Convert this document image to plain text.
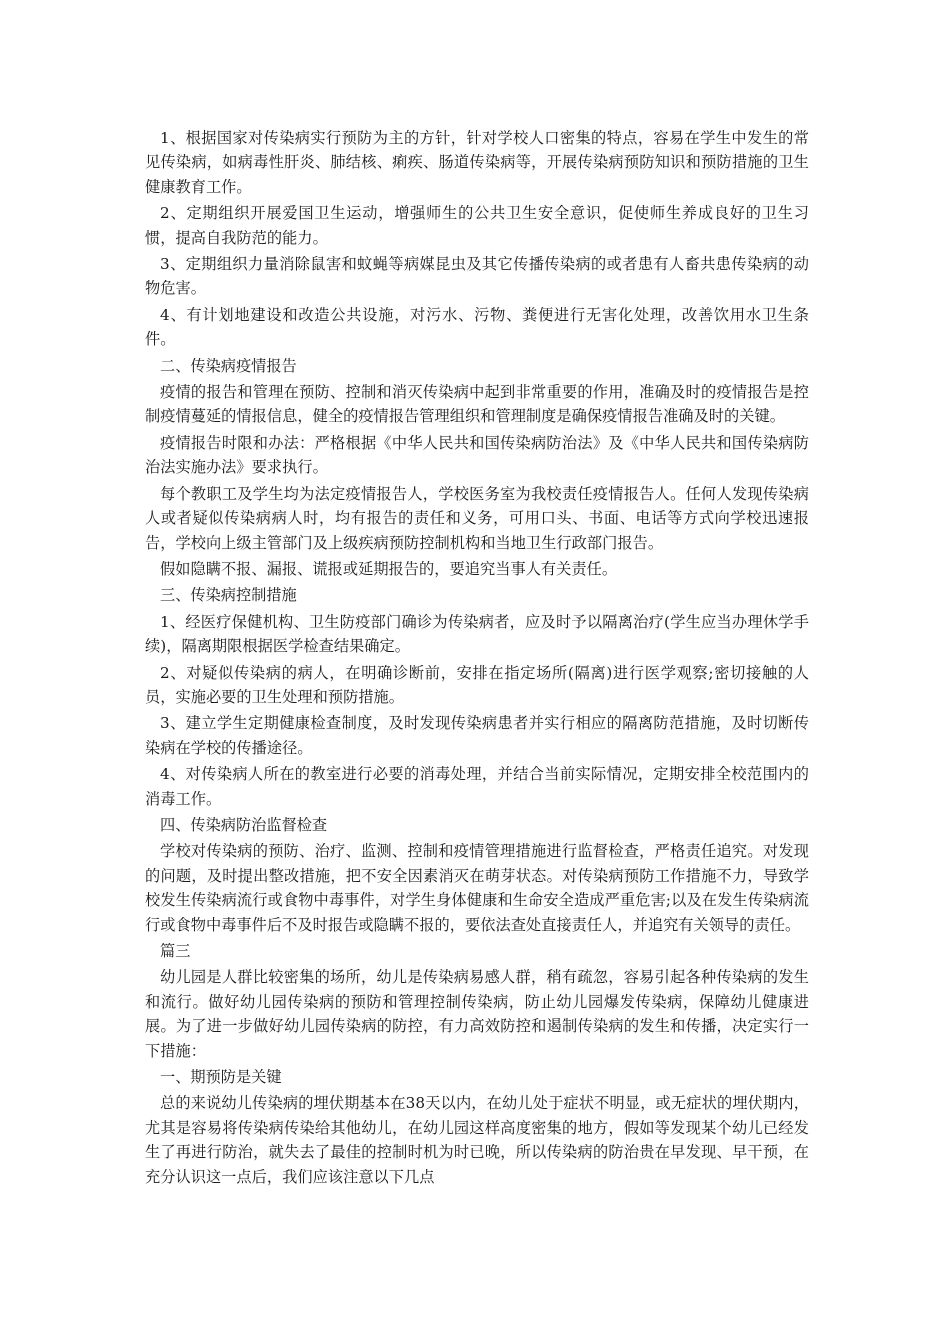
1、根据国家对传染病实行预防为主的方针，针对学校人口密集的特点，容易在学生中发生的常见传染病，如病毒性肝炎、肺结核、痢疾、肠道传染病等，开展传染病预防知识和预防措施的卫生健康教育工作。

2、定期组织开展爱国卫生运动，增强师生的公共卫生安全意识，促使师生养成良好的卫生习惯，提高自我防范的能力。

3、定期组织力量消除鼠害和蚊蝇等病媒昆虫及其它传播传染病的或者患有人畜共患传染病的动物危害。

4、有计划地建设和改造公共设施，对污水、污物、粪便进行无害化处理，改善饮用水卫生条件。

二、传染病疫情报告

疫情的报告和管理在预防、控制和消灭传染病中起到非常重要的作用，准确及时的疫情报告是控制疫情蔓延的情报信息，健全的疫情报告管理组织和管理制度是确保疫情报告准确及时的关键。

疫情报告时限和办法：严格根据《中华人民共和国传染病防治法》及《中华人民共和国传染病防治法实施办法》要求执行。

每个教职工及学生均为法定疫情报告人，学校医务室为我校责任疫情报告人。任何人发现传染病人或者疑似传染病病人时，均有报告的责任和义务，可用口头、书面、电话等方式向学校迅速报告，学校向上级主管部门及上级疾病预防控制机构和当地卫生行政部门报告。

假如隐瞒不报、漏报、谎报或延期报告的，要追究当事人有关责任。

三、传染病控制措施

1、经医疗保健机构、卫生防疫部门确诊为传染病者，应及时予以隔离治疗(学生应当办理休学手续)，隔离期限根据医学检查结果确定。

2、对疑似传染病的病人，在明确诊断前，安排在指定场所(隔离)进行医学观察;密切接触的人员，实施必要的卫生处理和预防措施。

3、建立学生定期健康检查制度，及时发现传染病患者并实行相应的隔离防范措施，及时切断传染病在学校的传播途径。

4、对传染病人所在的教室进行必要的消毒处理，并结合当前实际情况，定期安排全校范围内的消毒工作。

四、传染病防治监督检查

学校对传染病的预防、治疗、监测、控制和疫情管理措施进行监督检查，严格责任追究。对发现的问题，及时提出整改措施，把不安全因素消灭在萌芽状态。对传染病预防工作措施不力，导致学校发生传染病流行或食物中毒事件，对学生身体健康和生命安全造成严重危害;以及在发生传染病流行或食物中毒事件后不及时报告或隐瞒不报的，要依法查处直接责任人，并追究有关领导的责任。

篇三

幼儿园是人群比较密集的场所，幼儿是传染病易感人群，稍有疏忽，容易引起各种传染病的发生和流行。做好幼儿园传染病的预防和管理控制传染病，防止幼儿园爆发传染病，保障幼儿健康进展。为了进一步做好幼儿园传染病的防控，有力高效防控和遏制传染病的发生和传播，决定实行一下措施：

一、期预防是关键

总的来说幼儿传染病的埋伏期基本在38天以内，在幼儿处于症状不明显，或无症状的埋伏期内，尤其是容易将传染病传染给其他幼儿，在幼儿园这样高度密集的地方，假如等发现某个幼儿已经发生了再进行防治，就失去了最佳的控制时机为时已晚，所以传染病的防治贵在早发现、早干预，在充分认识这一点后，我们应该注意以下几点
